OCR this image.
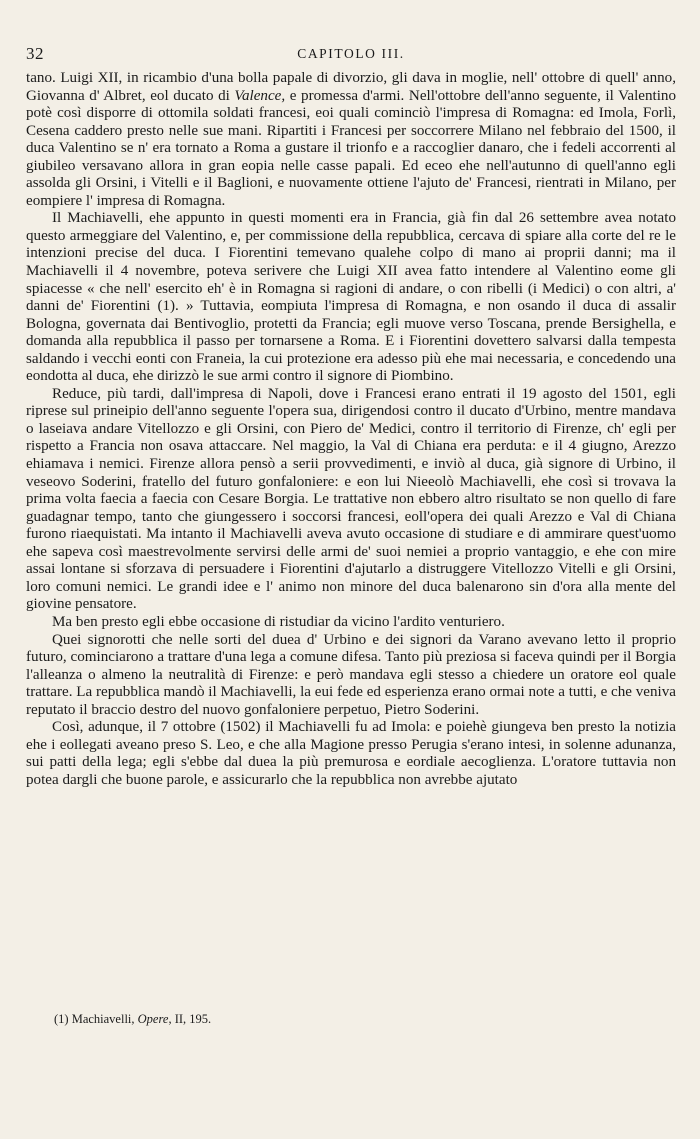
32	CAPITOLO III.

tano. Luigi XII, in ricambio d'una bolla papale di divorzio, gli dava in moglie, nell' ottobre di quell' anno, Giovanna d' Albret, eol ducato di Valence, e promessa d'armi. Nell'ottobre dell'anno seguente, il Valentino potè così disporre di ottomila soldati francesi, eoi quali cominciò l'impresa di Romagna: ed Imola, Forlì, Cesena caddero presto nelle sue mani. Ripartiti i Francesi per soccorrere Milano nel febbraio del 1500, il duca Valentino se n' era tornato a Roma a gustare il trionfo e a raccoglier danaro, che i fedeli accorrenti al giubileo versavano allora in gran eopia nelle casse papali. Ed eceo ehe nell'autunno di quell'anno egli assolda gli Orsini, i Vitelli e il Baglioni, e nuovamente ottiene l'ajuto de' Francesi, rientrati in Milano, per eompiere l' impresa di Romagna.

Il Machiavelli, ehe appunto in questi momenti era in Francia, già fin dal 26 settembre avea notato questo armeggiare del Valentino, e, per commissione della repubblica, cercava di spiare alla corte del re le intenzioni precise del duca. I Fiorentini temevano qualehe colpo di mano ai proprii danni; ma il Machiavelli il 4 novembre, poteva serivere che Luigi XII avea fatto intendere al Valentino eome gli spiacesse « che nell' esercito eh' è in Romagna si ragioni di andare, o con ribelli (i Medici) o con altri, a' danni de' Fiorentini (1). » Tuttavia, eompiuta l'impresa di Romagna, e non osando il duca di assalir Bologna, governata dai Bentivoglio, protetti da Francia; egli muove verso Toscana, prende Bersighella, e domanda alla repubblica il passo per tornarsene a Roma. E i Fiorentini dovettero salvarsi dalla tempesta saldando i vecchi eonti con Franeia, la cui protezione era adesso più ehe mai necessaria, e concedendo una eondotta al duca, ehe dirizzò le sue armi contro il signore di Piombino.

Reduce, più tardi, dall'impresa di Napoli, dove i Francesi erano entrati il 19 agosto del 1501, egli riprese sul prineipio dell'anno seguente l'opera sua, dirigendosi contro il ducato d'Urbino, mentre mandava o laseiava andare Vitellozzo e gli Orsini, con Piero de' Medici, contro il territorio di Firenze, ch' egli per rispetto a Francia non osava attaccare. Nel maggio, la Val di Chiana era perduta: e il 4 giugno, Arezzo ehiamava i nemici. Firenze allora pensò a serii provvedimenti, e inviò al duca, già signore di Urbino, il veseovo Soderini, fratello del futuro gonfaloniere: e eon lui Nieeolò Machiavelli, ehe così si trovava la prima volta faecia a faecia con Cesare Borgia. Le trattative non ebbero altro risultato se non quello di fare guadagnar tempo, tanto che giungessero i soccorsi francesi, eoll'opera dei quali Arezzo e Val di Chiana furono riaequistati. Ma intanto il Machiavelli aveva avuto occasione di studiare e di ammirare quest'uomo ehe sapeva così maestrevolmente servirsi delle armi de' suoi nemiei a proprio vantaggio, e ehe con mire assai lontane si sforzava di persuadere i Fiorentini d'ajutarlo a distruggere Vitellozzo Vitelli e gli Orsini, loro comuni nemici. Le grandi idee e l' animo non minore del duca balenarono sin d'ora alla mente del giovine pensatore.

Ma ben presto egli ebbe occasione di ristudiar da vicino l'ardito venturiero.

Quei signorotti che nelle sorti del duea d' Urbino e dei signori da Varano avevano letto il proprio futuro, cominciarono a trattare d'una lega a comune difesa. Tanto più preziosa si faceva quindi per il Borgia l'alleanza o almeno la neutralità di Firenze: e però mandava egli stesso a chiedere un oratore eol quale trattare. La repubblica mandò il Machiavelli, la eui fede ed esperienza erano ormai note a tutti, e che veniva reputato il braccio destro del nuovo gonfaloniere perpetuo, Pietro Soderini.

Così, adunque, il 7 ottobre (1502) il Machiavelli fu ad Imola: e poiehè giungeva ben presto la notizia ehe i eollegati aveano preso S. Leo, e che alla Magione presso Perugia s'erano intesi, in solenne adunanza, sui patti della lega; egli s'ebbe dal duea la più premurosa e eordiale aecoglienza. L'oratore tuttavia non potea dargli che buone parole, e assicurarlo che la repubblica non avrebbe ajutato

(1) Machiavelli, Opere, II, 195.
